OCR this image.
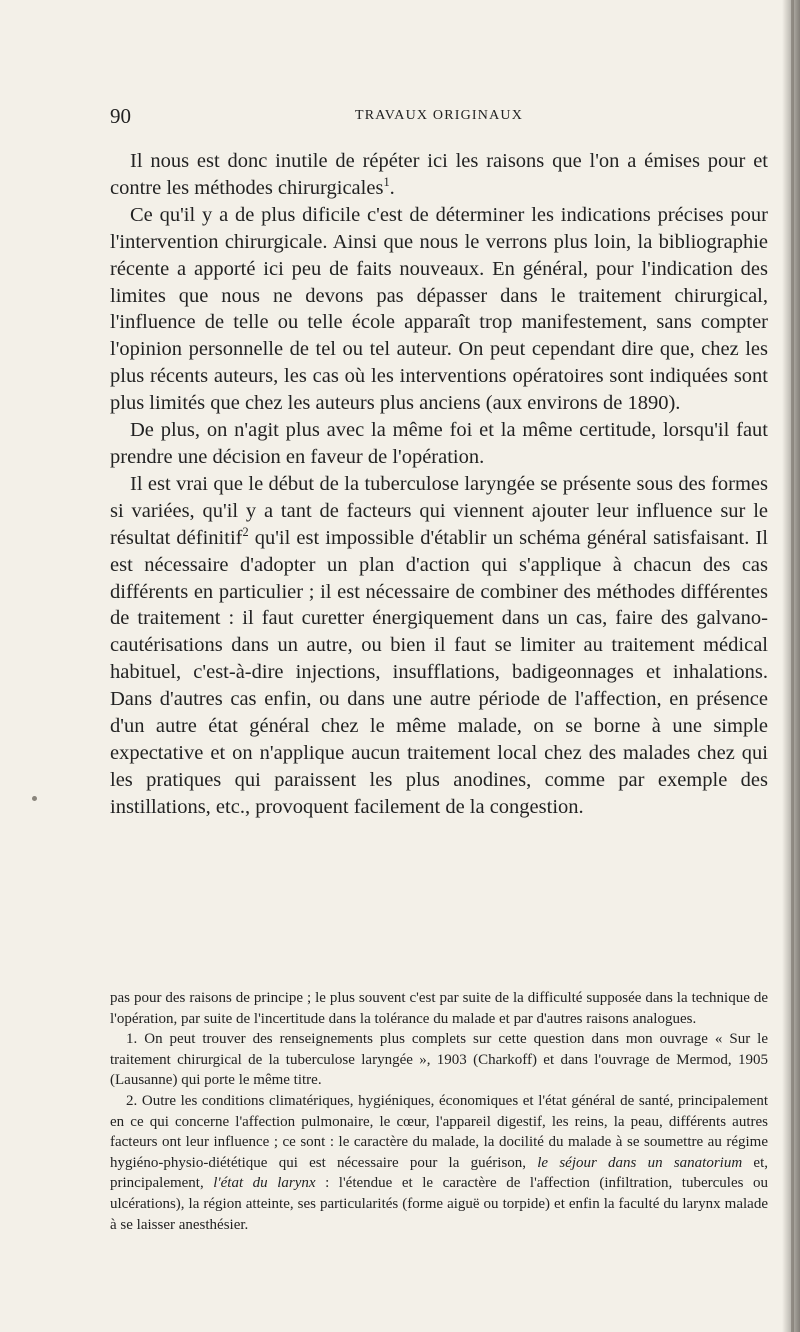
90	TRAVAUX ORIGINAUX

Il nous est donc inutile de répéter ici les raisons que l'on a émises pour et contre les méthodes chirurgicales$^1$.

Ce qu'il y a de plus dificile c'est de déterminer les indications précises pour l'intervention chirurgicale. Ainsi que nous le verrons plus loin, la bibliographie récente a apporté ici peu de faits nouveaux. En général, pour l'indication des limites que nous ne devons pas dépasser dans le traitement chirurgical, l'influence de telle ou telle école apparaît trop manifestement, sans compter l'opinion personnelle de tel ou tel auteur. On peut cependant dire que, chez les plus récents auteurs, les cas où les interventions opératoires sont indiquées sont plus limités que chez les auteurs plus anciens (aux environs de 1890).

De plus, on n'agit plus avec la même foi et la même certitude, lorsqu'il faut prendre une décision en faveur de l'opération.

Il est vrai que le début de la tuberculose laryngée se présente sous des formes si variées, qu'il y a tant de facteurs qui viennent ajouter leur influence sur le résultat définitif$^2$ qu'il est impossible d'établir un schéma général satisfaisant. Il est nécessaire d'adopter un plan d'action qui s'applique à chacun des cas différents en particulier ; il est nécessaire de combiner des méthodes différentes de traitement : il faut curetter énergiquement dans un cas, faire des galvano-cautérisations dans un autre, ou bien il faut se limiter au traitement médical habituel, c'est-à-dire injections, insufflations, badigeonnages et inhalations. Dans d'autres cas enfin, ou dans une autre période de l'affection, en présence d'un autre état général chez le même malade, on se borne à une simple expectative et on n'applique aucun traitement local chez des malades chez qui les pratiques qui paraissent les plus anodines, comme par exemple des instillations, etc., provoquent facilement de la congestion.

pas pour des raisons de principe ; le plus souvent c'est par suite de la difficulté supposée dans la technique de l'opération, par suite de l'incertitude dans la tolérance du malade et par d'autres raisons analogues.

1. On peut trouver des renseignements plus complets sur cette question dans mon ouvrage « Sur le traitement chirurgical de la tuberculose laryngée », 1903 (Charkoff) et dans l'ouvrage de Mermod, 1905 (Lausanne) qui porte le même titre.

2. Outre les conditions climatériques, hygiéniques, économiques et l'état général de santé, principalement en ce qui concerne l'affection pulmonaire, le cœur, l'appareil digestif, les reins, la peau, différents autres facteurs ont leur influence ; ce sont : le caractère du malade, la docilité du malade à se soumettre au régime hygiéno-physio-diététique qui est nécessaire pour la guérison, le séjour dans un sanatorium et, principalement, l'état du larynx : l'étendue et le caractère de l'affection (infiltration, tubercules ou ulcérations), la région atteinte, ses particularités (forme aiguë ou torpide) et enfin la faculté du larynx malade à se laisser anesthésier.
